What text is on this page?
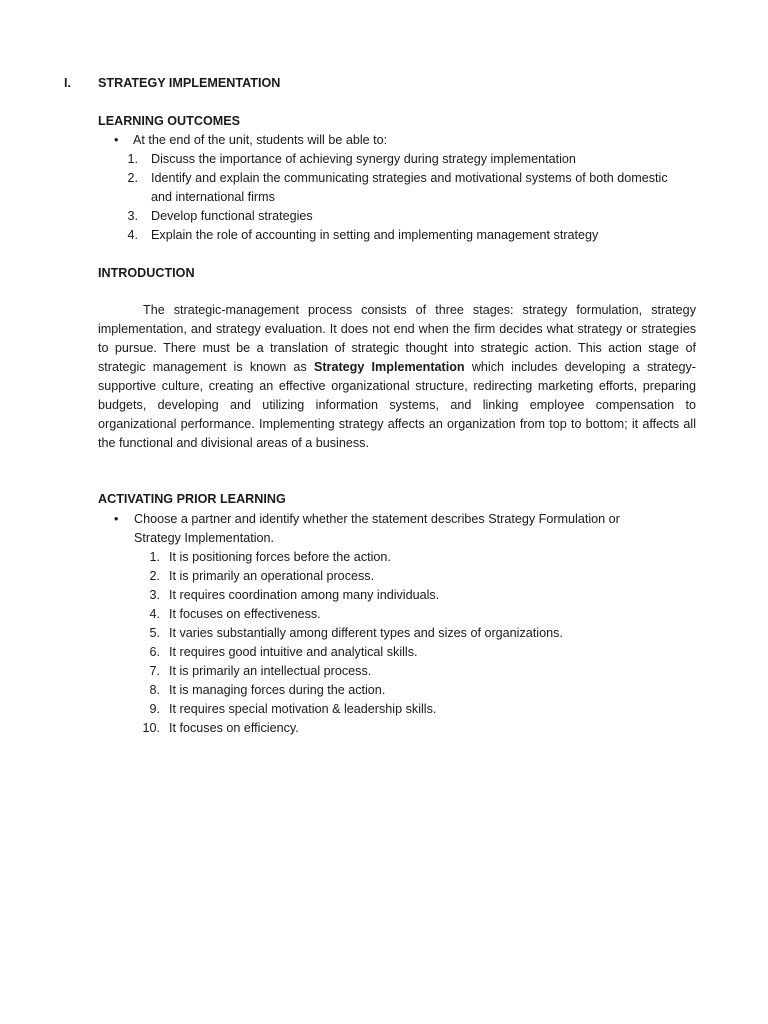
I. STRATEGY IMPLEMENTATION
LEARNING OUTCOMES
• At the end of the unit, students will be able to:
1. Discuss the importance of achieving synergy during strategy implementation
2. Identify and explain the communicating strategies and motivational systems of both domestic
and international firms
3. Develop functional strategies
4. Explain the role of accounting in setting and implementing management strategy
INTRODUCTION
The strategic-management process consists of three stages: strategy formulation, strategy implementation, and strategy evaluation. It does not end when the firm decides what strategy or strategies to pursue. There must be a translation of strategic thought into strategic action. This action stage of strategic management is known as Strategy Implementation which includes developing a strategy-supportive culture, creating an effective organizational structure, redirecting marketing efforts, preparing budgets, developing and utilizing information systems, and linking employee compensation to organizational performance. Implementing strategy affects an organization from top to bottom; it affects all the functional and divisional areas of a business.
ACTIVATING PRIOR LEARNING
• Choose a partner and identify whether the statement describes Strategy Formulation or
Strategy Implementation.
1. It is positioning forces before the action.
2. It is primarily an operational process.
3. It requires coordination among many individuals.
4. It focuses on effectiveness.
5. It varies substantially among different types and sizes of organizations.
6. It requires good intuitive and analytical skills.
7. It is primarily an intellectual process.
8. It is managing forces during the action.
9. It requires special motivation & leadership skills.
10. It focuses on efficiency.
